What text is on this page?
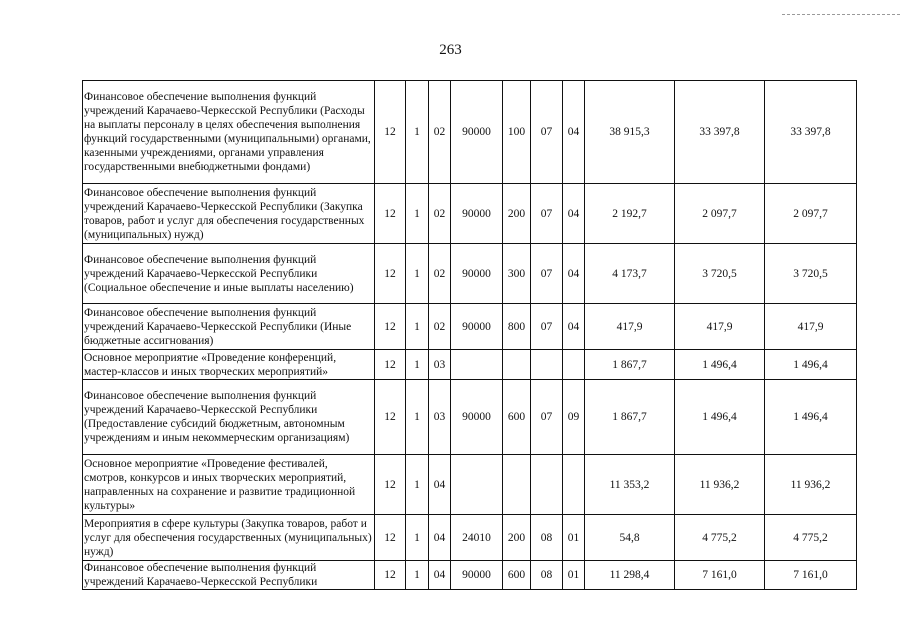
263
Финансовое обеспечение выполнения функций учреждений Карачаево-Черкесской Республики (Расходы на выплаты персоналу в целях обеспечения выполнения функций государственными (муниципальными) органами, казенными учреждениями, органами управления государственными внебюджетными фондами)	12	1	02	90000	100	07	04	38 915,3	33 397,8	33 397,8
Финансовое обеспечение выполнения функций учреждений Карачаево-Черкесской Республики (Закупка товаров, работ и услуг для обеспечения государственных (муниципальных) нужд)	12	1	02	90000	200	07	04	2 192,7	2 097,7	2 097,7
Финансовое обеспечение выполнения функций учреждений Карачаево-Черкесской Республики (Социальное обеспечение и иные выплаты населению)	12	1	02	90000	300	07	04	4 173,7	3 720,5	3 720,5
Финансовое обеспечение выполнения функций учреждений Карачаево-Черкесской Республики (Иные бюджетные ассигнования)	12	1	02	90000	800	07	04	417,9	417,9	417,9
Основное мероприятие «Проведение конференций, мастер-классов и иных творческих мероприятий»	12	1	03					1 867,7	1 496,4	1 496,4
Финансовое обеспечение выполнения функций учреждений Карачаево-Черкесской Республики (Предоставление субсидий бюджетным, автономным учреждениям и иным некоммерческим организациям)	12	1	03	90000	600	07	09	1 867,7	1 496,4	1 496,4
Основное мероприятие «Проведение фестивалей, смотров, конкурсов и иных творческих мероприятий, направленных на сохранение и развитие традиционной культуры»	12	1	04					11 353,2	11 936,2	11 936,2
Мероприятия в сфере культуры (Закупка товаров, работ и услуг для обеспечения государственных (муниципальных) нужд)	12	1	04	24010	200	08	01	54,8	4 775,2	4 775,2
Финансовое обеспечение выполнения функций учреждений Карачаево-Черкесской Республики	12	1	04	90000	600	08	01	11 298,4	7 161,0	7 161,0
